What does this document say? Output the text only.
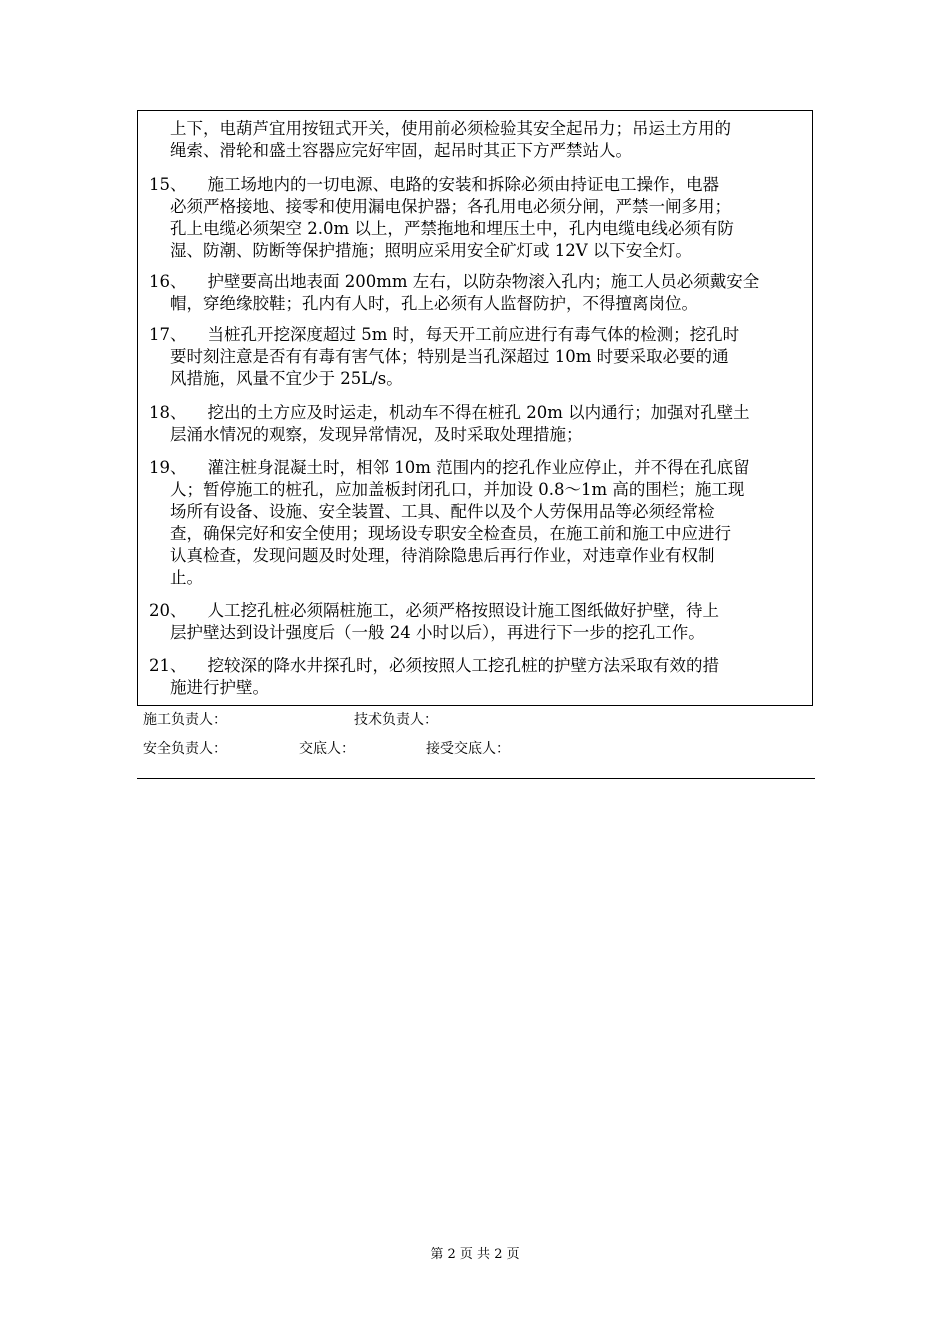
上下，电葫芦宜用按钮式开关，使用前必须检验其安全起吊力；吊运土方用的
绳索、滑轮和盛土容器应完好牢固，起吊时其正下方严禁站人。
15、    施工场地内的一切电源、电路的安装和拆除必须由持证电工操作，电器
必须严格接地、接零和使用漏电保护器；各孔用电必须分闸，严禁一闸多用；
孔上电缆必须架空 2.0m 以上，严禁拖地和埋压土中，孔内电缆电线必须有防
湿、防潮、防断等保护措施；照明应采用安全矿灯或 12V 以下安全灯。
16、    护壁要高出地表面 200mm 左右，以防杂物滚入孔内；施工人员必须戴安全
帽，穿绝缘胶鞋；孔内有人时，孔上必须有人监督防护，不得擅离岗位。
17、    当桩孔开挖深度超过 5m 时，每天开工前应进行有毒气体的检测；挖孔时
要时刻注意是否有有毒有害气体；特别是当孔深超过 10m 时要采取必要的通
风措施，风量不宜少于 25L/s。
18、    挖出的土方应及时运走，机动车不得在桩孔 20m 以内通行；加强对孔壁土
层涌水情况的观察，发现异常情况，及时采取处理措施；
19、    灌注桩身混凝土时，相邻 10m 范围内的挖孔作业应停止，并不得在孔底留
人；暂停施工的桩孔，应加盖板封闭孔口，并加设 0.8～1m 高的围栏；施工现
场所有设备、设施、安全装置、工具、配件以及个人劳保用品等必须经常检
查，确保完好和安全使用；现场设专职安全检查员，在施工前和施工中应进行
认真检查，发现问题及时处理，待消除隐患后再行作业，对违章作业有权制
止。
20、    人工挖孔桩必须隔桩施工，必须严格按照设计施工图纸做好护壁，待上
层护壁达到设计强度后（一般 24 小时以后），再进行下一步的挖孔工作。
21、    挖较深的降水井探孔时，必须按照人工挖孔桩的护壁方法采取有效的措
施进行护壁。
施工负责人：	技术负责人：
安全负责人：	交底人：	接受交底人：
第 2 页 共 2 页
